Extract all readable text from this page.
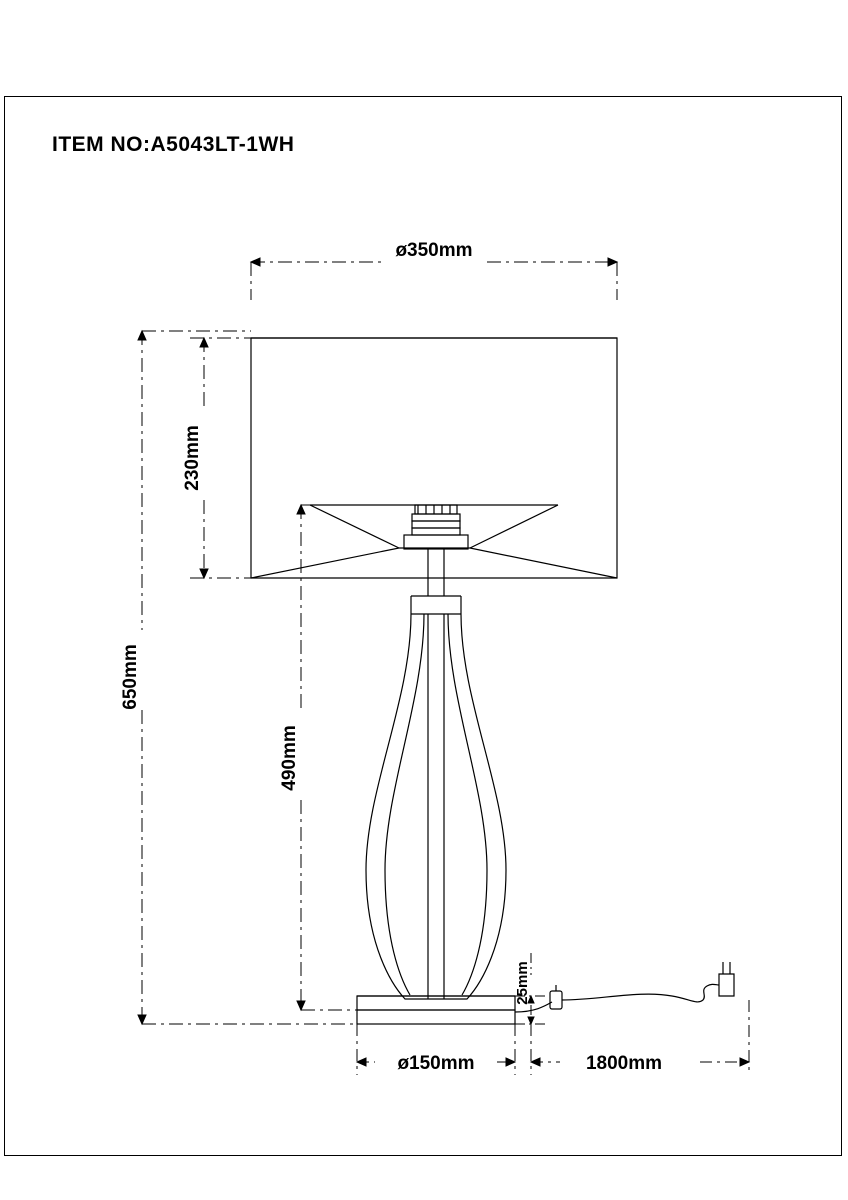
ITEM NO:A5043LT-1WH
ø350mm
230mm
650mm
490mm
25mm
ø150mm	1800mm
